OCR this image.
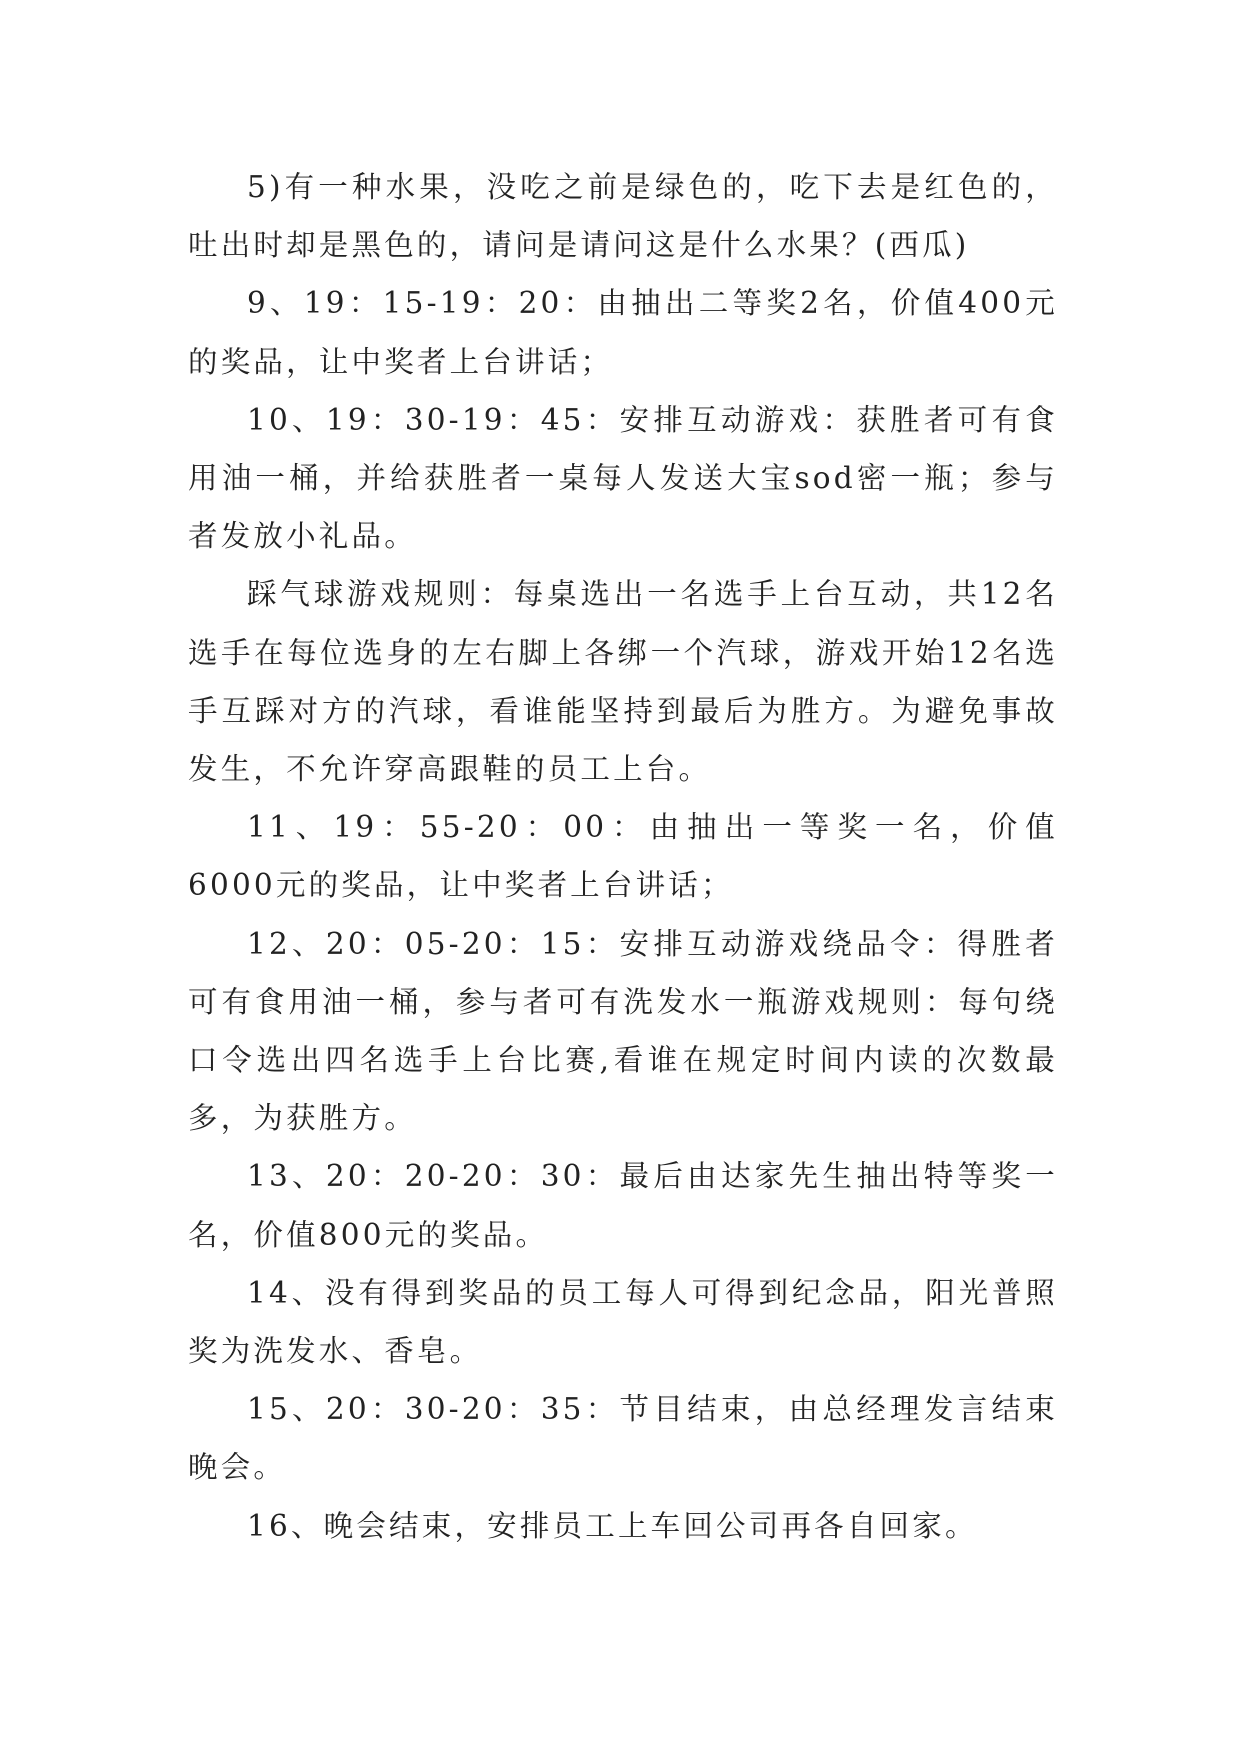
5)有一种水果，没吃之前是绿色的，吃下去是红色的，吐出时却是黑色的，请问是请问这是什么水果？(西瓜)

9、19：15-19：20：由抽出二等奖2名，价值400元的奖品，让中奖者上台讲话；

10、19：30-19：45：安排互动游戏：获胜者可有食用油一桶，并给获胜者一桌每人发送大宝sod密一瓶；参与者发放小礼品。

踩气球游戏规则：每桌选出一名选手上台互动，共12名选手在每位选身的左右脚上各绑一个汽球，游戏开始12名选手互踩对方的汽球，看谁能坚持到最后为胜方。为避免事故发生，不允许穿高跟鞋的员工上台。

11、19：55-20：00：由抽出一等奖一名，价值6000元的奖品，让中奖者上台讲话；

12、20：05-20：15：安排互动游戏绕品令：得胜者可有食用油一桶，参与者可有洗发水一瓶游戏规则：每句绕口令选出四名选手上台比赛,看谁在规定时间内读的次数最多，为获胜方。

13、20：20-20：30：最后由达家先生抽出特等奖一名，价值800元的奖品。

14、没有得到奖品的员工每人可得到纪念品，阳光普照奖为洗发水、香皂。

15、20：30-20：35：节目结束，由总经理发言结束晚会。

16、晚会结束，安排员工上车回公司再各自回家。
